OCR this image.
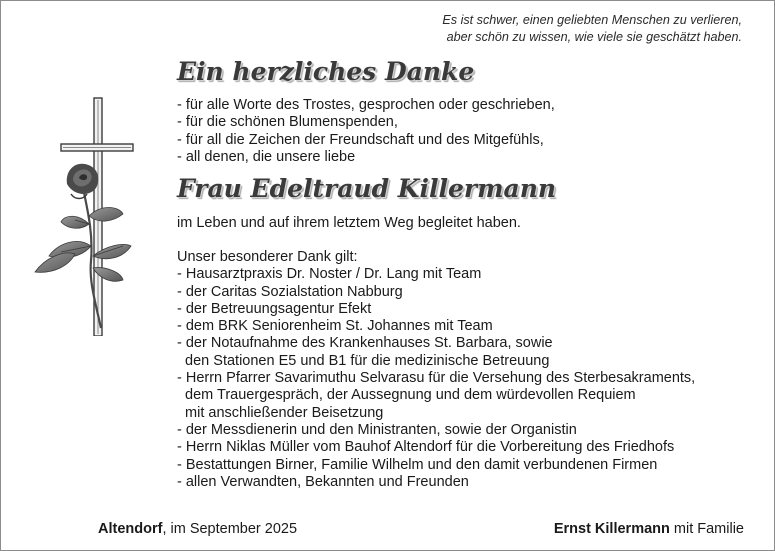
Es ist schwer, einen geliebten Menschen zu verlieren,
aber schön zu wissen, wie viele sie geschätzt haben.
Ein herzliches Danke
- für alle Worte des Trostes, gesprochen oder geschrieben,
- für die schönen Blumenspenden,
- für all die Zeichen der Freundschaft und des Mitgefühls,
- all denen, die unsere liebe
Frau Edeltraud Killermann
im Leben und auf ihrem letztem Weg begleitet haben.
Unser besonderer Dank gilt:
- Hausarztpraxis Dr. Noster / Dr. Lang mit Team
- der Caritas Sozialstation Nabburg
- der Betreuungsagentur Efekt
- dem BRK Seniorenheim St. Johannes mit Team
- der Notaufnahme des Krankenhauses St. Barbara, sowie
den Stationen E5 und B1 für die medizinische Betreuung
- Herrn Pfarrer Savarimuthu Selvarasu für die Versehung des Sterbesakraments,
dem Trauergespräch, der Aussegnung und dem würdevollen Requiem
mit anschließender Beisetzung
- der Messdienerin und den Ministranten, sowie der Organistin
- Herrn Niklas Müller vom Bauhof Altendorf für die Vorbereitung des Friedhofs
- Bestattungen Birner, Familie Wilhelm und den damit verbundenen Firmen
- allen Verwandten, Bekannten und Freunden
Altendorf, im September 2025	Ernst Killermann mit Familie
